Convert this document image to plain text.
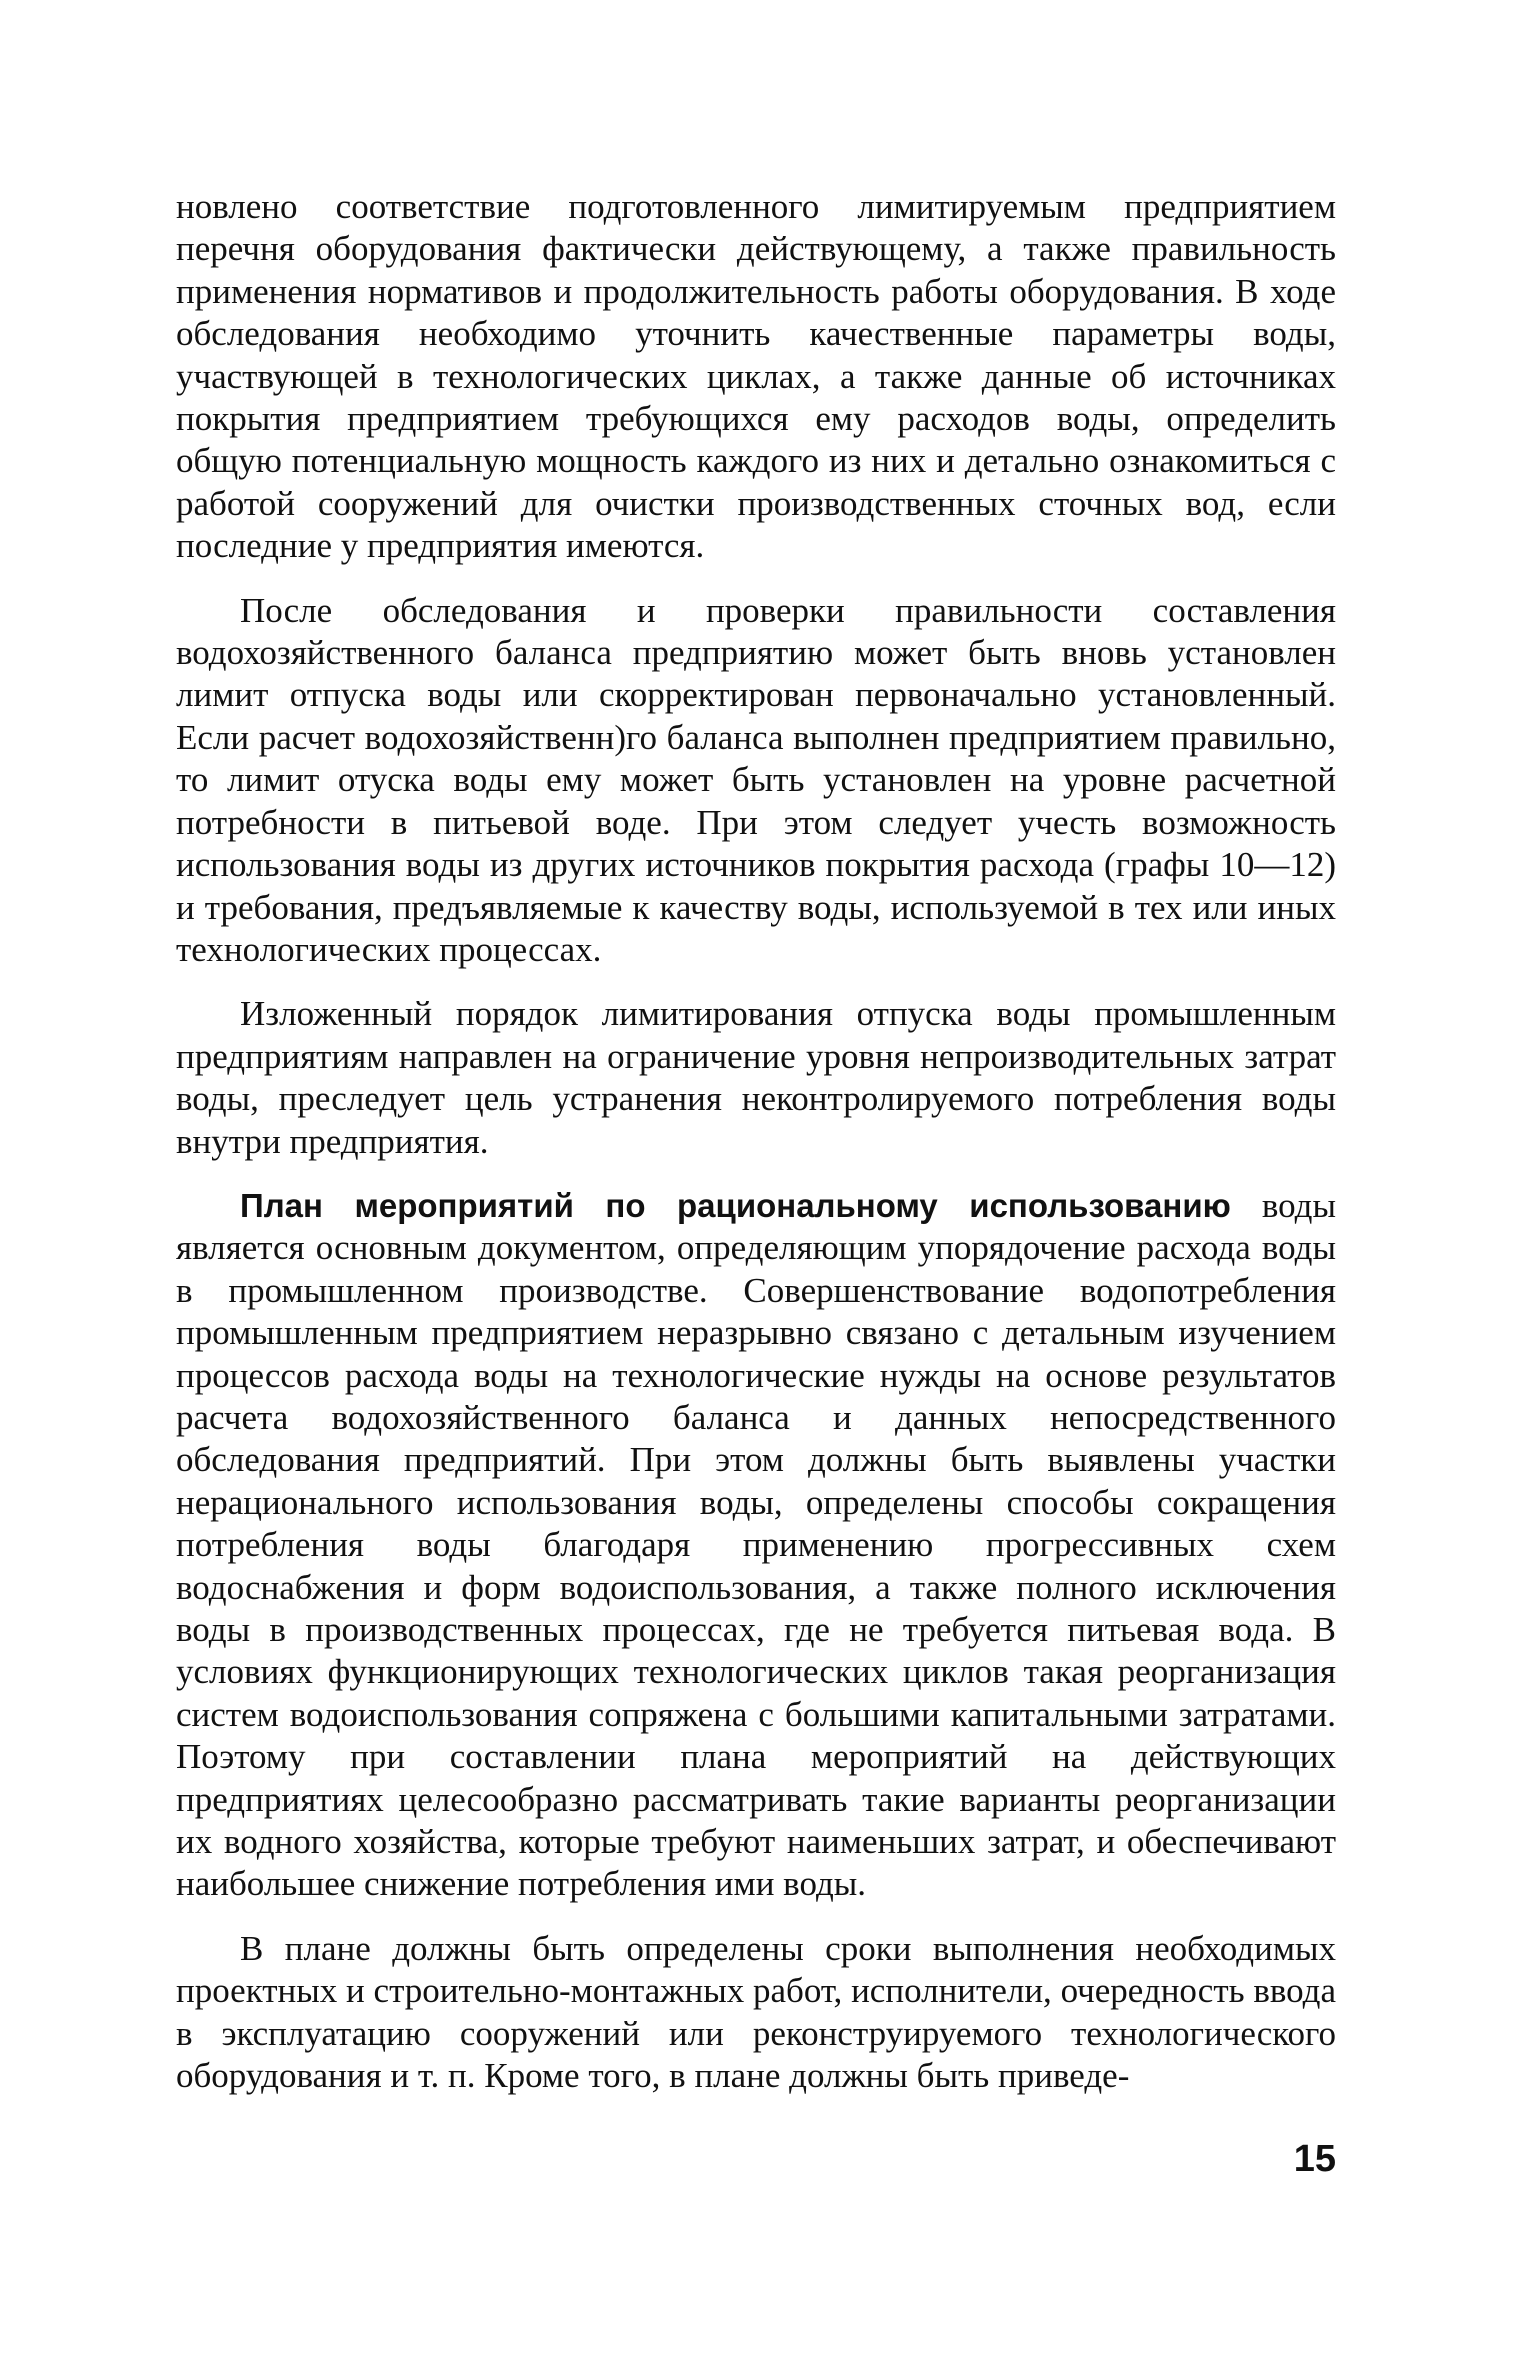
новлено соответствие подготовленного лимитируемым предприятием перечня оборудования фактически действующему, а также правильность применения нормативов и продолжительность работы оборудования. В ходе обследования необходимо уточнить качественные параметры воды, участвующей в технологических циклах, а также данные об источниках покрытия предприятием требующихся ему расходов воды, определить общую потенциальную мощность каждого из них и детально ознакомиться с работой сооружений для очистки производственных сточных вод, если последние у предприятия имеются.

После обследования и проверки правильности составления водохозяйственного баланса предприятию может быть вновь установлен лимит отпуска воды или скорректирован первоначально установленный. Если расчет водохозяйственн)го баланса выполнен предприятием правильно, то лимит отуска воды ему может быть установлен на уровне расчетной потребности в питьевой воде. При этом следует учесть возможность использования воды из других источников покрытия расхода (графы 10—12) и требования, предъявляемые к качеству воды, используемой в тех или иных технологических процессах.

Изложенный порядок лимитирования отпуска воды промышленным предприятиям направлен на ограничение уровня непроизводительных затрат воды, преследует цель устранения неконтролируемого потребления воды внутри предприятия.

План мероприятий по рациональному использованию воды является основным документом, определяющим упорядочение расхода воды в промышленном производстве. Совершенствование водопотребления промышленным предприятием неразрывно связано с детальным изучением процессов расхода воды на технологические нужды на основе результатов расчета водохозяйственного баланса и данных непосредственного обследования предприятий. При этом должны быть выявлены участки нерационального использования воды, определены способы сокращения потребления воды благодаря применению прогрессивных схем водоснабжения и форм водоиспользования, а также полного исключения воды в производственных процессах, где не требуется питьевая вода. В условиях функционирующих технологических циклов такая реорганизация систем водоиспользования сопряжена с большими капитальными затратами. Поэтому при составлении плана мероприятий на действующих предприятиях целесообразно рассматривать такие варианты реорганизации их водного хозяйства, которые требуют наименьших затрат, и обеспечивают наибольшее снижение потребления ими воды.

В плане должны быть определены сроки выполнения необходимых проектных и строительно-монтажных работ, исполнители, очередность ввода в эксплуатацию сооружений или реконструируемого технологического оборудования и т. п. Кроме того, в плане должны быть приведе-

15
